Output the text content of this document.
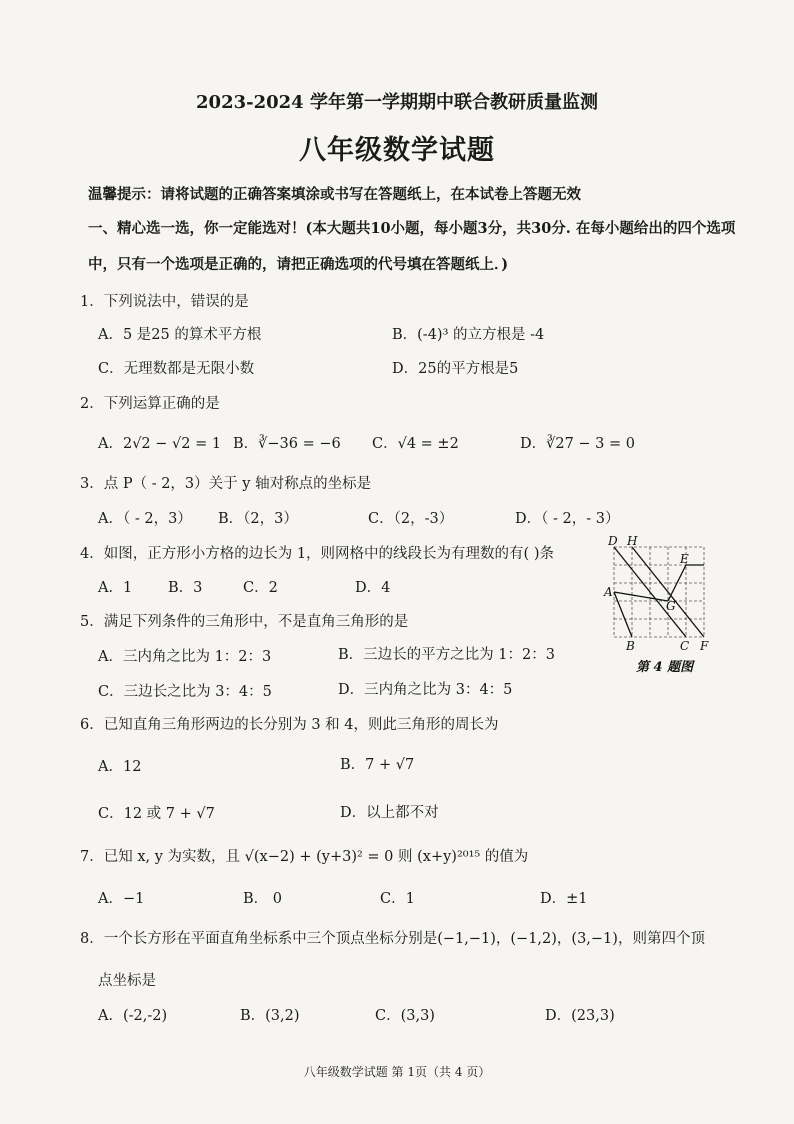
2023-2024 学年第一学期期中联合教研质量监测
八年级数学试题
温馨提示：请将试题的正确答案填涂或书写在答题纸上，在本试卷上答题无效
一、精心选一选，你一定能选对！(本大题共10小题，每小题3分，共30分. 在每小题给出的四个选项
中，只有一个选项是正确的，请把正确选项的代号填在答题纸上．)
1．下列说法中，错误的是
A．5 是25 的算术平方根	B．(-4)³ 的立方根是 -4
C．无理数都是无限小数	D．25的平方根是5
2．下列运算正确的是
A．2√2 − √2 = 1 B．∛−36 = −6 C．√4 = ±2	D．∛27 − 3 = 0
3．点 P（ - 2，3）关于 y 轴对称点的坐标是
A．（ - 2，3） B．（2，3）	C．（2，-3）	D．（ - 2，- 3）
4．如图，正方形小方格的边长为 1，则网格中的线段长为有理数的有( )条
A．1 B．3	C．2	D．4
D H
E
A
G
B	C F
第 4 题图
5．满足下列条件的三角形中，不是直角三角形的是
A．三内角之比为 1：2：3	B．三边长的平方之比为 1：2：3
C．三边长之比为 3：4：5	D．三内角之比为 3：4：5
6．已知直角三角形两边的长分别为 3 和 4，则此三角形的周长为
A．12	B．7 + √7
C．12 或 7 + √7	D．以上都不对
7．已知 x, y 为实数，且 √(x−2) + (y+3)² = 0 则 (x+y)²⁰¹⁵ 的值为
A．−1	B． 0	C．1	D．±1
8．一个长方形在平面直角坐标系中三个顶点坐标分别是(−1,−1)，(−1,2)，(3,−1)，则第四个顶
点坐标是
A．(-2,-2)	B．(3,2)	C．(3,3)	D．(23,3)
八年级数学试题 第 1页（共 4 页）
